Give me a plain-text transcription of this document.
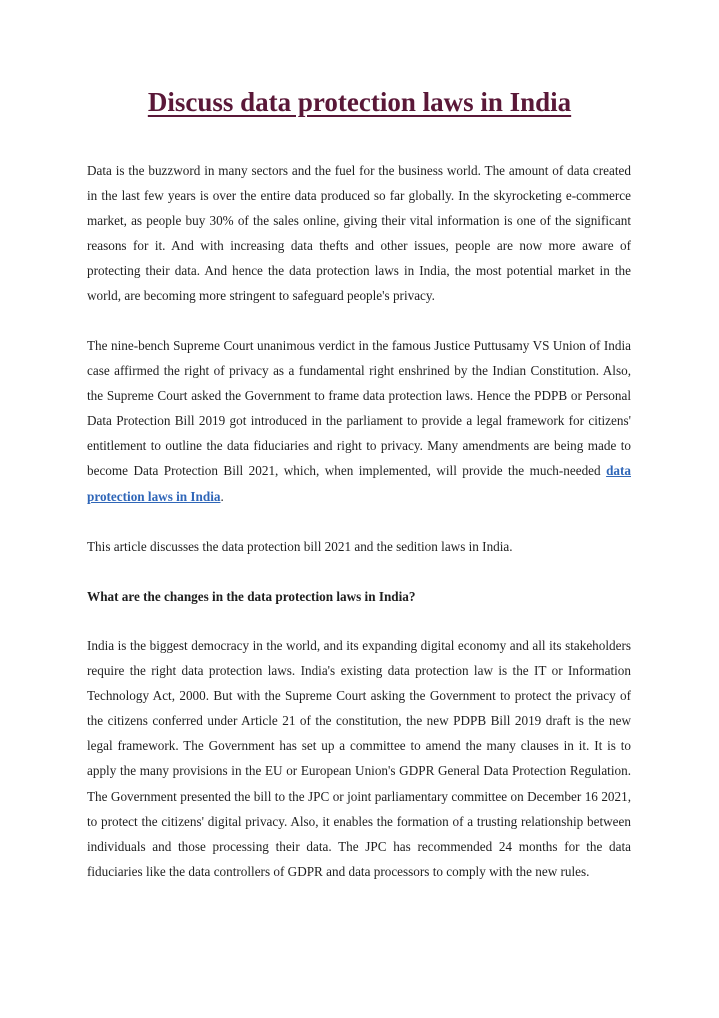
Discuss data protection laws in India

Data is the buzzword in many sectors and the fuel for the business world. The amount of data created in the last few years is over the entire data produced so far globally. In the skyrocketing e-commerce market, as people buy 30% of the sales online, giving their vital information is one of the significant reasons for it. And with increasing data thefts and other issues, people are now more aware of protecting their data. And hence the data protection laws in India, the most potential market in the world, are becoming more stringent to safeguard people's privacy.

The nine-bench Supreme Court unanimous verdict in the famous Justice Puttusamy VS Union of India case affirmed the right of privacy as a fundamental right enshrined by the Indian Constitution. Also, the Supreme Court asked the Government to frame data protection laws. Hence the PDPB or Personal Data Protection Bill 2019 got introduced in the parliament to provide a legal framework for citizens' entitlement to outline the data fiduciaries and right to privacy. Many amendments are being made to become Data Protection Bill 2021, which, when implemented, will provide the much-needed data protection laws in India.

This article discusses the data protection bill 2021 and the sedition laws in India.

What are the changes in the data protection laws in India?

India is the biggest democracy in the world, and its expanding digital economy and all its stakeholders require the right data protection laws. India's existing data protection law is the IT or Information Technology Act, 2000. But with the Supreme Court asking the Government to protect the privacy of the citizens conferred under Article 21 of the constitution, the new PDPB Bill 2019 draft is the new legal framework. The Government has set up a committee to amend the many clauses in it. It is to apply the many provisions in the EU or European Union's GDPR General Data Protection Regulation. The Government presented the bill to the JPC or joint parliamentary committee on December 16 2021, to protect the citizens' digital privacy. Also, it enables the formation of a trusting relationship between individuals and those processing their data. The JPC has recommended 24 months for the data fiduciaries like the data controllers of GDPR and data processors to comply with the new rules.
